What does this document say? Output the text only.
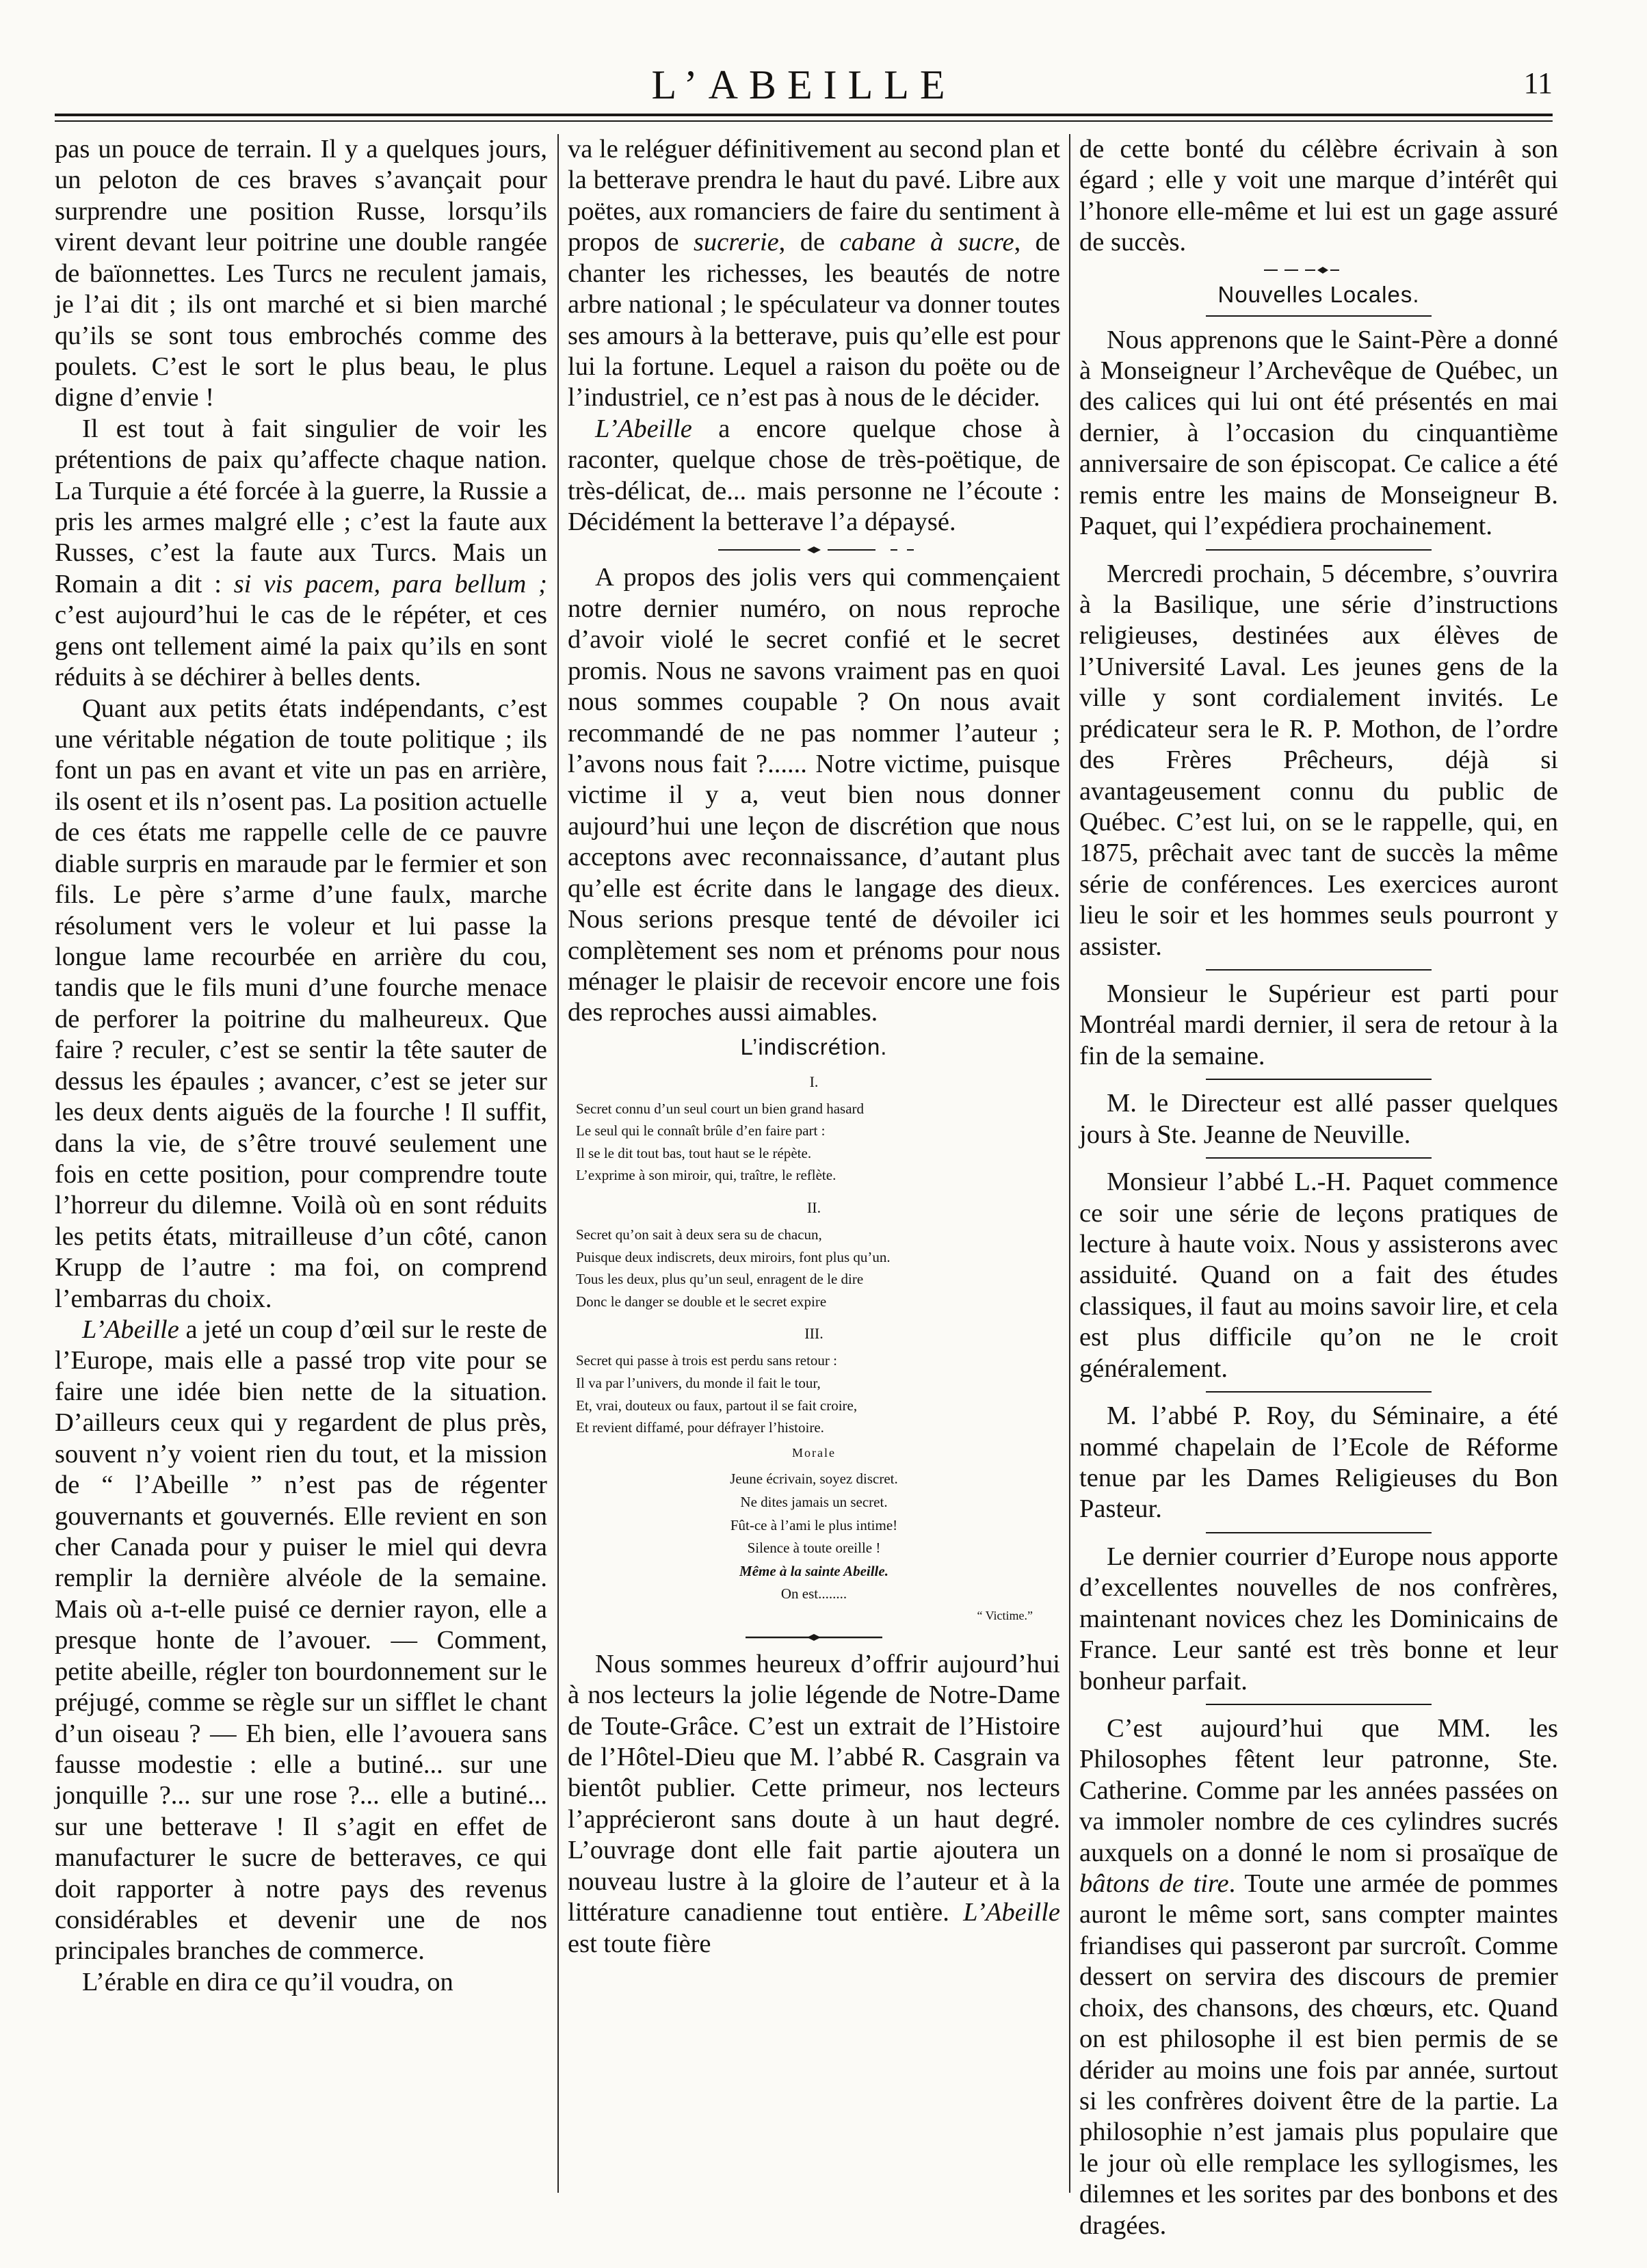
L’ABEILLE	11

pas un pouce de terrain. Il y a quelques jours, un peloton de ces braves s’avançait pour surprendre une position Russe, lorsqu’ils virent devant leur poitrine une double rangée de baïonnettes. Les Turcs ne reculent jamais, je l’ai dit ; ils ont marché et si bien marché qu’ils se sont tous embrochés comme des poulets. C’est le sort le plus beau, le plus digne d’envie !

Il est tout à fait singulier de voir les prétentions de paix qu’affecte chaque nation. La Turquie a été forcée à la guerre, la Russie a pris les armes malgré elle ; c’est la faute aux Russes, c’est la faute aux Turcs. Mais un Romain a dit : si vis pacem, para bellum ; c’est aujourd’hui le cas de le répéter, et ces gens ont tellement aimé la paix qu’ils en sont réduits à se déchirer à belles dents.

Quant aux petits états indépendants, c’est une véritable négation de toute politique ; ils font un pas en avant et vite un pas en arrière, ils osent et ils n’osent pas. La position actuelle de ces états me rappelle celle de ce pauvre diable surpris en maraude par le fermier et son fils. Le père s’arme d’une faulx, marche résolument vers le voleur et lui passe la longue lame recourbée en arrière du cou, tandis que le fils muni d’une fourche menace de perforer la poitrine du malheureux. Que faire ? reculer, c’est se sentir la tête sauter de dessus les épaules ; avancer, c’est se jeter sur les deux dents aiguës de la fourche ! Il suffit, dans la vie, de s’être trouvé seulement une fois en cette position, pour comprendre toute l’horreur du dilemne. Voilà où en sont réduits les petits états, mitrailleuse d’un côté, canon Krupp de l’autre : ma foi, on comprend l’embarras du choix.

L’Abeille a jeté un coup d’œil sur le reste de l’Europe, mais elle a passé trop vite pour se faire une idée bien nette de la situation. D’ailleurs ceux qui y regardent de plus près, souvent n’y voient rien du tout, et la mission de “ l’Abeille ” n’est pas de régenter gouvernants et gouvernés. Elle revient en son cher Canada pour y puiser le miel qui devra remplir la dernière alvéole de la semaine. Mais où a-t-elle puisé ce dernier rayon, elle a presque honte de l’avouer. — Comment, petite abeille, régler ton bourdonnement sur le préjugé, comme se règle sur un sifflet le chant d’un oiseau ? — Eh bien, elle l’avouera sans fausse modestie : elle a butiné... sur une jonquille ?... sur une rose ?... elle a butiné... sur une betterave ! Il s’agit en effet de manufacturer le sucre de betteraves, ce qui doit rapporter à notre pays des revenus considérables et devenir une de nos principales branches de commerce.

L’érable en dira ce qu’il voudra, on

va le reléguer définitivement au second plan et la betterave prendra le haut du pavé. Libre aux poëtes, aux romanciers de faire du sentiment à propos de sucrerie, de cabane à sucre, de chanter les richesses, les beautés de notre arbre national ; le spéculateur va donner toutes ses amours à la betterave, puis qu’elle est pour lui la fortune. Lequel a raison du poëte ou de l’industriel, ce n’est pas à nous de le décider.

L’Abeille a encore quelque chose à raconter, quelque chose de très-poëtique, de très-délicat, de... mais personne ne l’écoute : Décidément la betterave l’a dépaysé.

A propos des jolis vers qui commençaient notre dernier numéro, on nous reproche d’avoir violé le secret confié et le secret promis. Nous ne savons vraiment pas en quoi nous sommes coupable ? On nous avait recommandé de ne pas nommer l’auteur ; l’avons nous fait ?...... Notre victime, puisque victime il y a, veut bien nous donner aujourd’hui une leçon de discrétion que nous acceptons avec reconnaissance, d’autant plus qu’elle est écrite dans le langage des dieux. Nous serions presque tenté de dévoiler ici complètement ses nom et prénoms pour nous ménager le plaisir de recevoir encore une fois des reproches aussi aimables.

L’indiscrétion.
I.
Secret connu d’un seul court un bien grand hasard
Le seul qui le connaît brûle d’en faire part :
Il se le dit tout bas, tout haut se le répète.
L’exprime à son miroir, qui, traître, le reflète.
II.
Secret qu’on sait à deux sera su de chacun,
Puisque deux indiscrets, deux miroirs, font plus qu’un.
Tous les deux, plus qu’un seul, enragent de le dire
Donc le danger se double et le secret expire
III.
Secret qui passe à trois est perdu sans retour :
Il va par l’univers, du monde il fait le tour,
Et, vrai, douteux ou faux, partout il se fait croire,
Et revient diffamé, pour défrayer l’histoire.
Morale
Jeune écrivain, soyez discret.
Ne dites jamais un secret.
Fût-ce à l’ami le plus intime!
Silence à toute oreille !
Même à la sainte Abeille.
On est........
“ Victime.”

Nous sommes heureux d’offrir aujourd’hui à nos lecteurs la jolie légende de Notre-Dame de Toute-Grâce. C’est un extrait de l’Histoire de l’Hôtel-Dieu que M. l’abbé R. Casgrain va bientôt publier. Cette primeur, nos lecteurs l’apprécieront sans doute à un haut degré. L’ouvrage dont elle fait partie ajoutera un nouveau lustre à la gloire de l’auteur et à la littérature canadienne tout entière. L’Abeille est toute fière

de cette bonté du célèbre écrivain à son égard ; elle y voit une marque d’intérêt qui l’honore elle-même et lui est un gage assuré de succès.

Nouvelles Locales.

Nous apprenons que le Saint-Père a donné à Monseigneur l’Archevêque de Québec, un des calices qui lui ont été présentés en mai dernier, à l’occasion du cinquantième anniversaire de son épiscopat. Ce calice a été remis entre les mains de Monseigneur B. Paquet, qui l’expédiera prochainement.

Mercredi prochain, 5 décembre, s’ouvrira à la Basilique, une série d’instructions religieuses, destinées aux élèves de l’Université Laval. Les jeunes gens de la ville y sont cordialement invités. Le prédicateur sera le R. P. Mothon, de l’ordre des Frères Prêcheurs, déjà si avantageusement connu du public de Québec. C’est lui, on se le rappelle, qui, en 1875, prêchait avec tant de succès la même série de conférences. Les exercices auront lieu le soir et les hommes seuls pourront y assister.

Monsieur le Supérieur est parti pour Montréal mardi dernier, il sera de retour à la fin de la semaine.

M. le Directeur est allé passer quelques jours à Ste. Jeanne de Neuville.

Monsieur l’abbé L.-H. Paquet commence ce soir une série de leçons pratiques de lecture à haute voix. Nous y assisterons avec assiduité. Quand on a fait des études classiques, il faut au moins savoir lire, et cela est plus difficile qu’on ne le croit généralement.

M. l’abbé P. Roy, du Séminaire, a été nommé chapelain de l’Ecole de Réforme tenue par les Dames Religieuses du Bon Pasteur.

Le dernier courrier d’Europe nous apporte d’excellentes nouvelles de nos confrères, maintenant novices chez les Dominicains de France. Leur santé est très bonne et leur bonheur parfait.

C’est aujourd’hui que MM. les Philosophes fêtent leur patronne, Ste. Catherine. Comme par les années passées on va immoler nombre de ces cylindres sucrés auxquels on a donné le nom si prosaïque de bâtons de tire. Toute une armée de pommes auront le même sort, sans compter maintes friandises qui passeront par surcroît. Comme dessert on servira des discours de premier choix, des chansons, des chœurs, etc. Quand on est philosophe il est bien permis de se dérider au moins une fois par année, surtout si les confrères doivent être de la partie. La philosophie n’est jamais plus populaire que le jour où elle remplace les syllogismes, les dilemnes et les sorites par des bonbons et des dragées.
